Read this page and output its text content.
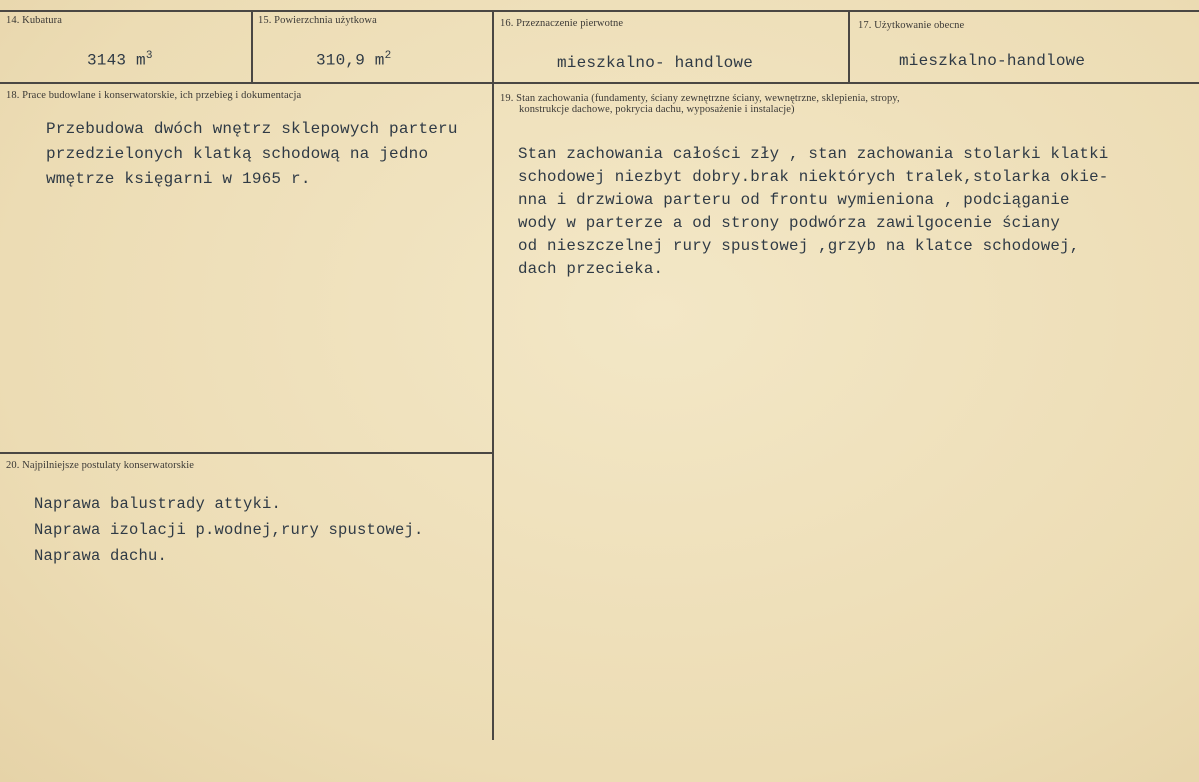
14. Kubatura
3143 $m^3$
15. Powierzchnia użytkowa
310,9 $m^2$
16. Przeznaczenie pierwotne
mieszkalno- handlowe
17. Użytkowanie obecne
mieszkalno-handlowe
18. Prace budowlane i konserwatorskie, ich przebieg i dokumentacja
Przebudowa dwóch wnętrz sklepowych parteru
przedzielonych klatką schodową na jedno
wmętrze księgarni w 1965 r.
19. Stan zachowania (fundamenty, ściany zewnętrzne ściany, wewnętrzne, sklepienia, stropy,
konstrukcje dachowe, pokrycia dachu, wyposażenie i instalacje)
Stan zachowania całości zły , stan zachowania stolarki klatki
schodowej niezbyt dobry.brak niektórych tralek,stolarka okie-
nna i drzwiowa parteru od frontu wymieniona , podciąganie
wody w parterze a od strony podwórza zawilgocenie ściany
od nieszczelnej rury spustowej ,grzyb na klatce schodowej,
dach przecieka.
20. Najpilniejsze postulaty konserwatorskie
Naprawa balustrady attyki.
Naprawa izolacji p.wodnej,rury spustowej.
Naprawa dachu.
